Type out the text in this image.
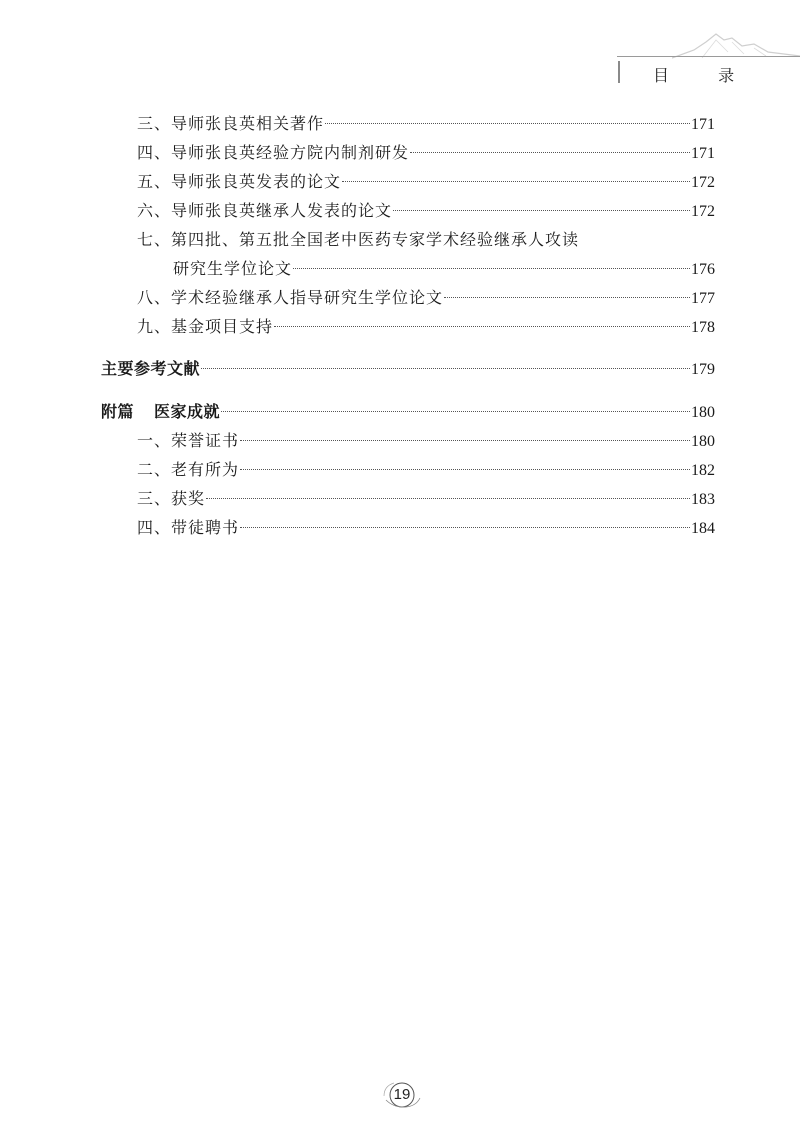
目 录
三、导师张良英相关著作	171
四、导师张良英经验方院内制剂研发	171
五、导师张良英发表的论文	172
六、导师张良英继承人发表的论文	172
七、第四批、第五批全国老中医药专家学术经验继承人攻读
研究生学位论文	176
八、学术经验继承人指导研究生学位论文	177
九、基金项目支持	178
主要参考文献	179
附篇 医家成就	180
一、荣誉证书	180
二、老有所为	182
三、获奖	183
四、带徒聘书	184
19
